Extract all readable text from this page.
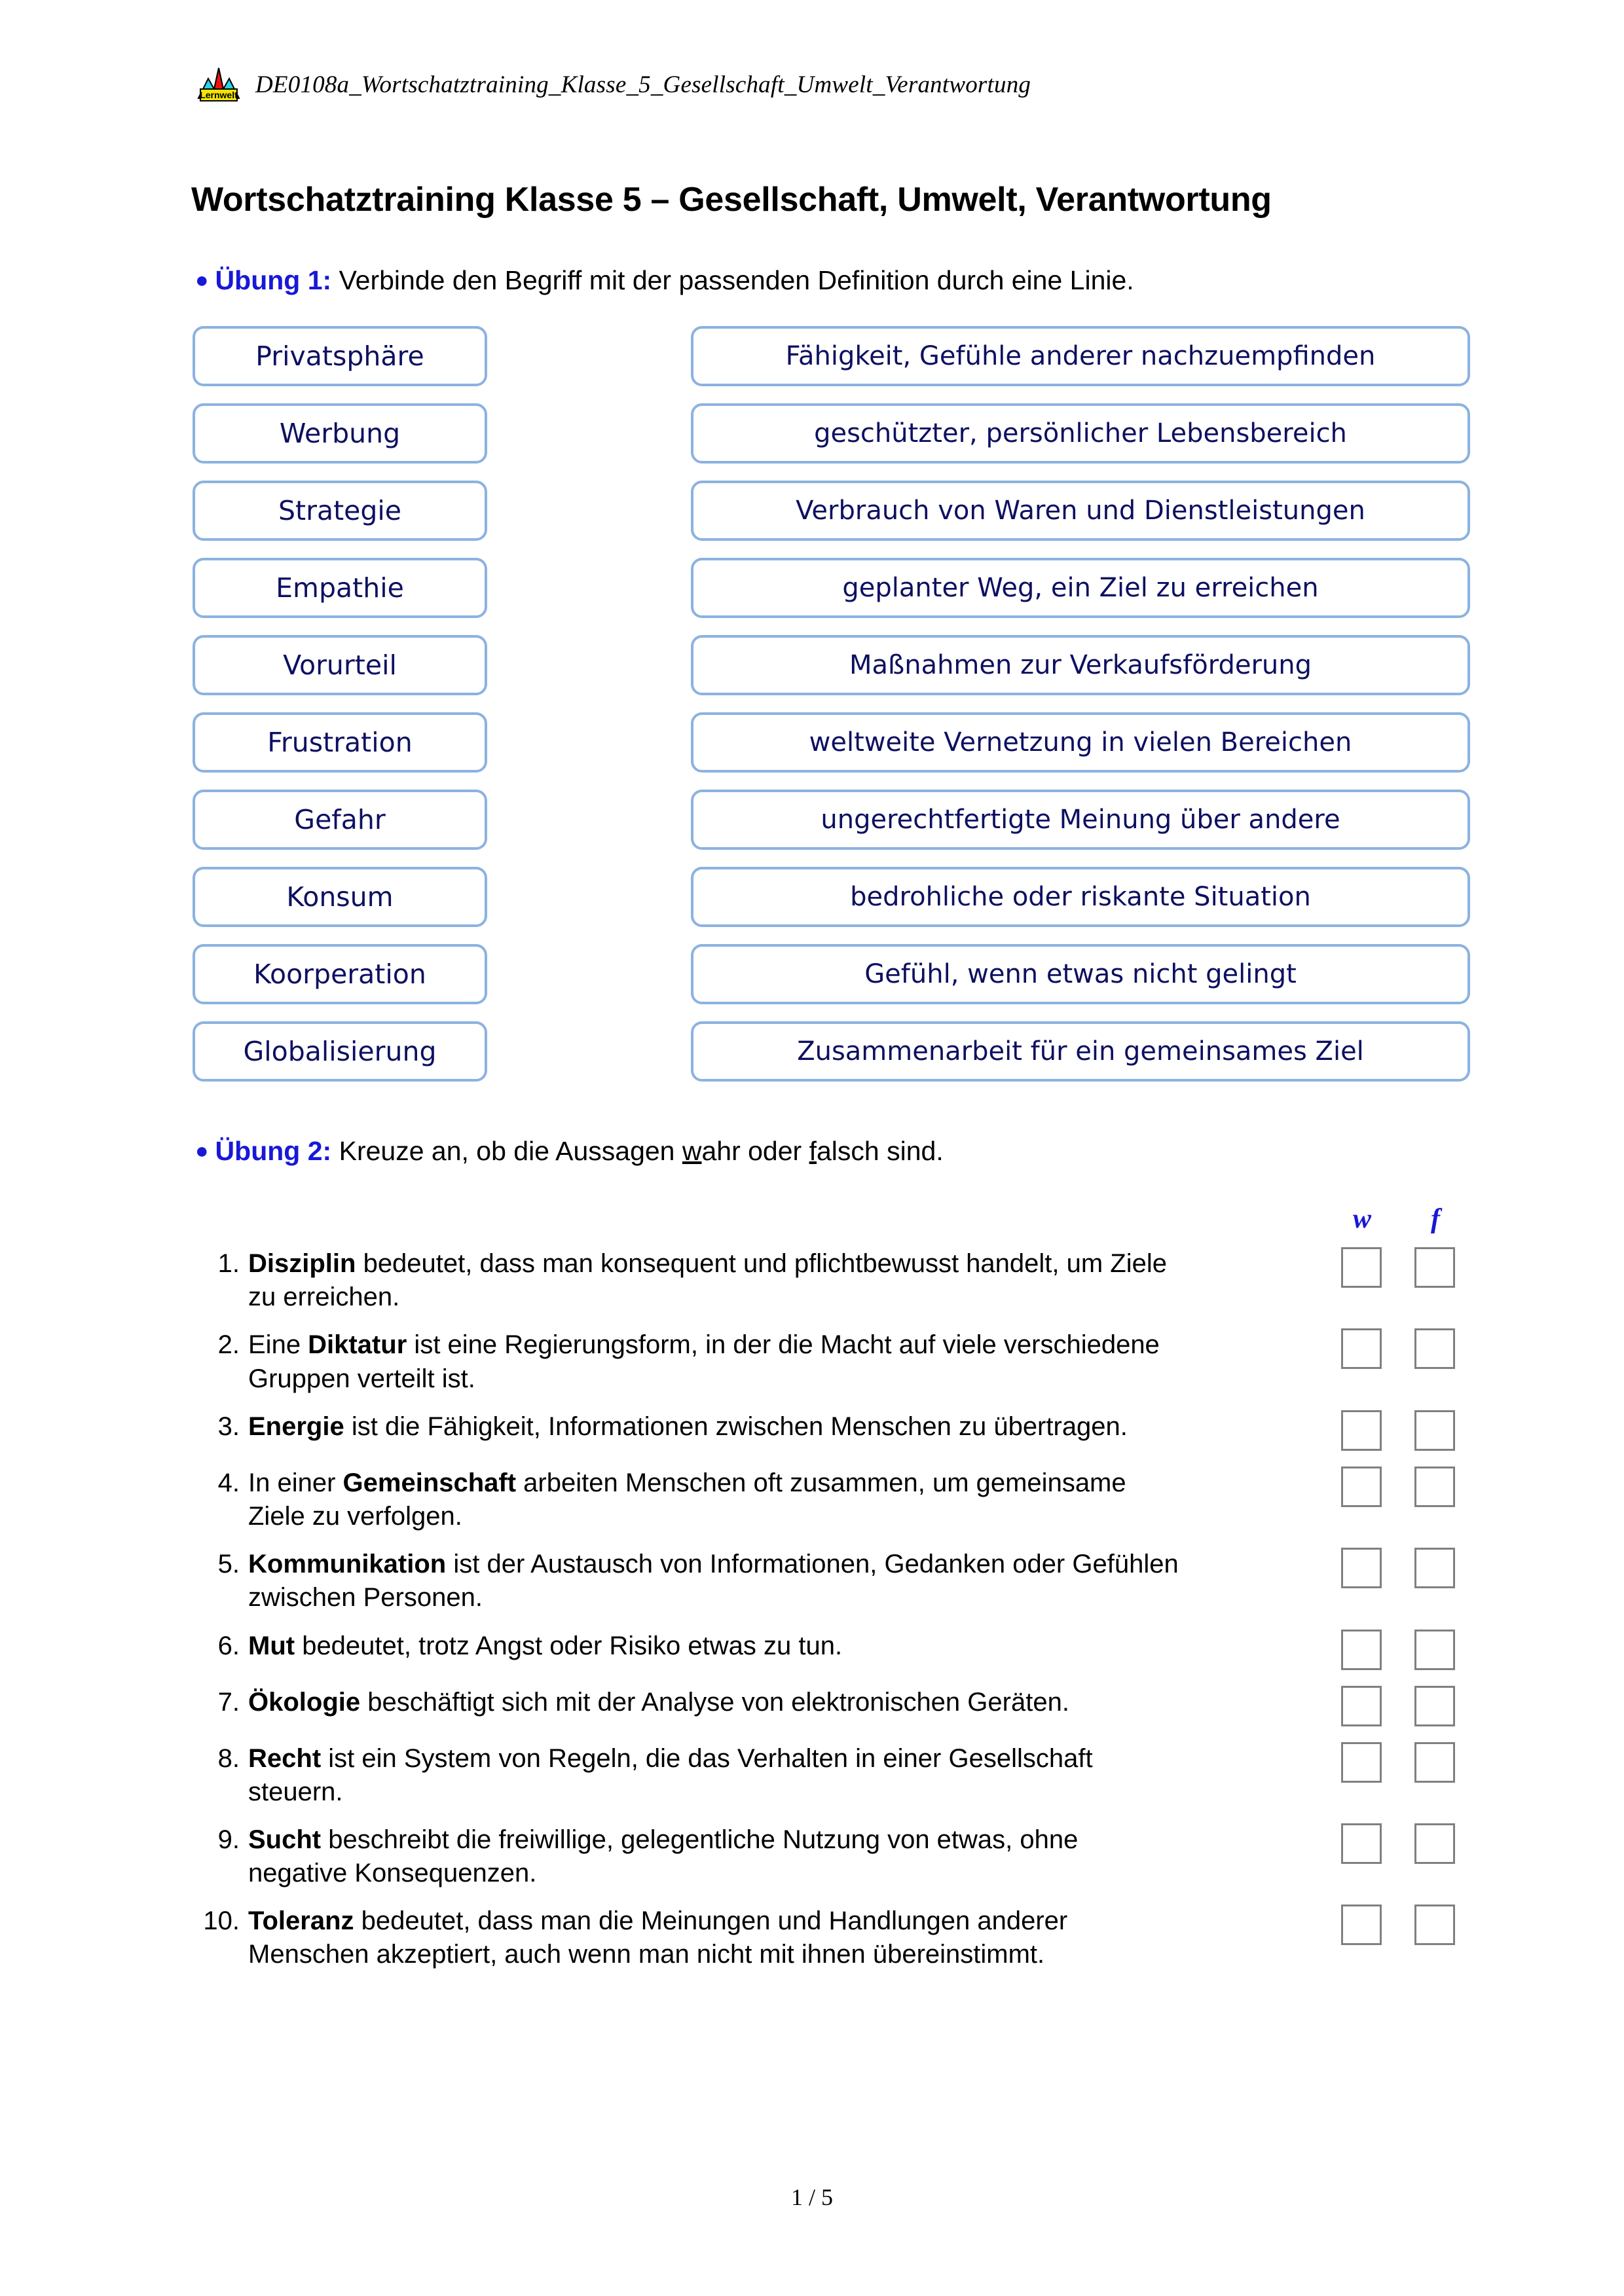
Lernwelt DE0108a_Wortschatztraining_Klasse_5_Gesellschaft_Umwelt_Verantwortung
Wortschatztraining Klasse 5 – Gesellschaft, Umwelt, Verantwortung
● Übung 1: Verbinde den Begriff mit der passenden Definition durch eine Linie.
Privatsphäre
Werbung
Strategie
Empathie
Vorurteil
Frustration
Gefahr
Konsum
Koorperation
Globalisierung
Fähigkeit, Gefühle anderer nachzuempfinden
geschützter, persönlicher Lebensbereich
Verbrauch von Waren und Dienstleistungen
geplanter Weg, ein Ziel zu erreichen
Maßnahmen zur Verkaufsförderung
weltweite Vernetzung in vielen Bereichen
ungerechtfertigte Meinung über andere
bedrohliche oder riskante Situation
Gefühl, wenn etwas nicht gelingt
Zusammenarbeit für ein gemeinsames Ziel
● Übung 2: Kreuze an, ob die Aussagen wahr oder falsch sind.
w	f
1. Disziplin bedeutet, dass man konsequent und pflichtbewusst handelt, um Ziele zu erreichen.
2. Eine Diktatur ist eine Regierungsform, in der die Macht auf viele verschiedene Gruppen verteilt ist.
3. Energie ist die Fähigkeit, Informationen zwischen Menschen zu übertragen.
4. In einer Gemeinschaft arbeiten Menschen oft zusammen, um gemeinsame Ziele zu verfolgen.
5. Kommunikation ist der Austausch von Informationen, Gedanken oder Gefühlen zwischen Personen.
6. Mut bedeutet, trotz Angst oder Risiko etwas zu tun.
7. Ökologie beschäftigt sich mit der Analyse von elektronischen Geräten.
8. Recht ist ein System von Regeln, die das Verhalten in einer Gesellschaft steuern.
9. Sucht beschreibt die freiwillige, gelegentliche Nutzung von etwas, ohne negative Konsequenzen.
10. Toleranz bedeutet, dass man die Meinungen und Handlungen anderer Menschen akzeptiert, auch wenn man nicht mit ihnen übereinstimmt.
1 / 5
